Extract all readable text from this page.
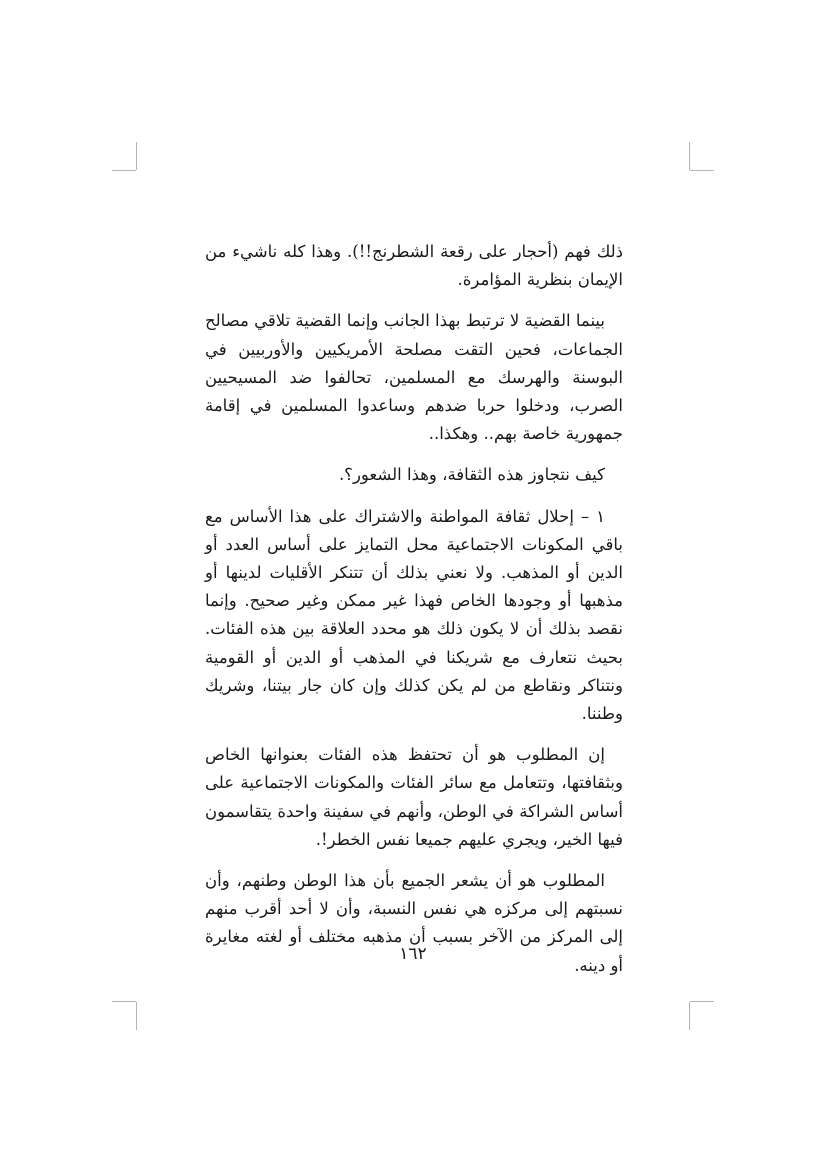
ذلك فهم (أحجار على رقعة الشطرنج!!). وهذا كله ناشيء من الإيمان بنظرية المؤامرة.

بينما القضية لا ترتبط بهذا الجانب وإنما القضية تلاقي مصالح الجماعات، فحين التقت مصلحة الأمريكيين والأوربيين في البوسنة والهرسك مع المسلمين، تحالفوا ضد المسيحيين الصرب، ودخلوا حربا ضدهم وساعدوا المسلمين في إقامة جمهورية خاصة بهم.. وهكذا..

كيف نتجاوز هذه الثقافة، وهذا الشعور؟.

١ – إحلال ثقافة المواطنة والاشتراك على هذا الأساس مع باقي المكونات الاجتماعية محل التمايز على أساس العدد أو الدين أو المذهب. ولا نعني بذلك أن تتنكر الأقليات لدينها أو مذهبها أو وجودها الخاص فهذا غير ممكن وغير صحيح. وإنما نقصد بذلك أن لا يكون ذلك هو محدد العلاقة بين هذه الفئات. بحيث نتعارف مع شريكنا في المذهب أو الدين أو القومية ونتناكر ونقاطع من لم يكن كذلك وإن كان جار بيتنا، وشريك وطننا.

إن المطلوب هو أن تحتفظ هذه الفئات بعنوانها الخاص وبثقافتها، وتتعامل مع سائر الفئات والمكونات الاجتماعية على أساس الشراكة في الوطن، وأنهم في سفينة واحدة يتقاسمون فيها الخير، ويجري عليهم جميعا نفس الخطر!.

المطلوب هو أن يشعر الجميع بأن هذا الوطن وطنهم، وأن نسبتهم إلى مركزه هي نفس النسبة، وأن لا أحد أقرب منهم إلى المركز من الآخر بسبب أن مذهبه مختلف أو لغته مغايرة أو دينه.

١٦٢
